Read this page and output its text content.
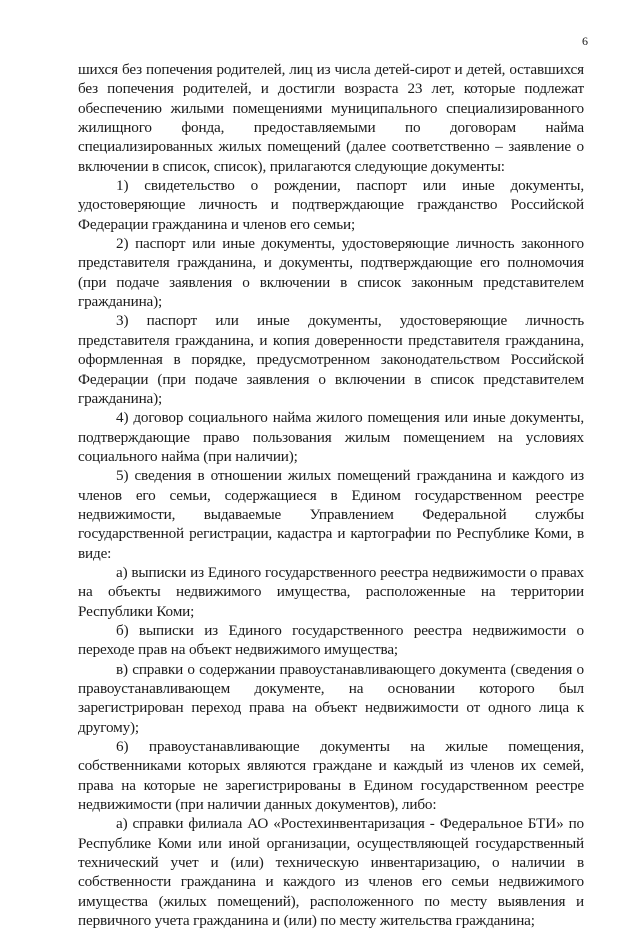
6

шихся без попечения родителей, лиц из числа детей-сирот и детей, оставшихся без попечения родителей, и достигли возраста 23 лет, которые подлежат обеспечению жилыми помещениями муниципального специализированного жилищного фонда, предоставляемыми по договорам найма специализированных жилых помещений (далее соответственно – заявление о включении в список, список), прилагаются следующие документы:

1) свидетельство о рождении, паспорт или иные документы, удостоверяющие личность и подтверждающие гражданство Российской Федерации гражданина и членов его семьи;

2) паспорт или иные документы, удостоверяющие личность законного представителя гражданина, и документы, подтверждающие его полномочия (при подаче заявления о включении в список законным представителем гражданина);

3) паспорт или иные документы, удостоверяющие личность представителя гражданина, и копия доверенности представителя гражданина, оформленная в порядке, предусмотренном законодательством Российской Федерации (при подаче заявления о включении в список представителем гражданина);

4) договор социального найма жилого помещения или иные документы, подтверждающие право пользования жилым помещением на условиях социального найма (при наличии);

5) сведения в отношении жилых помещений гражданина и каждого из членов его семьи, содержащиеся в Едином государственном реестре недвижимости, выдаваемые Управлением Федеральной службы государственной регистрации, кадастра и картографии по Республике Коми, в виде:

а) выписки из Единого государственного реестра недвижимости о правах на объекты недвижимого имущества, расположенные на территории Республики Коми;

б) выписки из Единого государственного реестра недвижимости о переходе прав на объект недвижимого имущества;

в) справки о содержании правоустанавливающего документа (сведения о правоустанавливающем документе, на основании которого был зарегистрирован переход права на объект недвижимости от одного лица к другому);

6) правоустанавливающие документы на жилые помещения, собственниками которых являются граждане и каждый из членов их семей, права на которые не зарегистрированы в Едином государственном реестре недвижимости (при наличии данных документов), либо:

а) справки филиала АО «Ростехинвентаризация - Федеральное БТИ» по Республике Коми или иной организации, осуществляющей государственный технический учет и (или) техническую инвентаризацию, о наличии в собственности гражданина и каждого из членов его семьи недвижимого имущества (жилых помещений), расположенного по месту выявления и первичного учета гражданина и (или) по месту жительства гражданина;
